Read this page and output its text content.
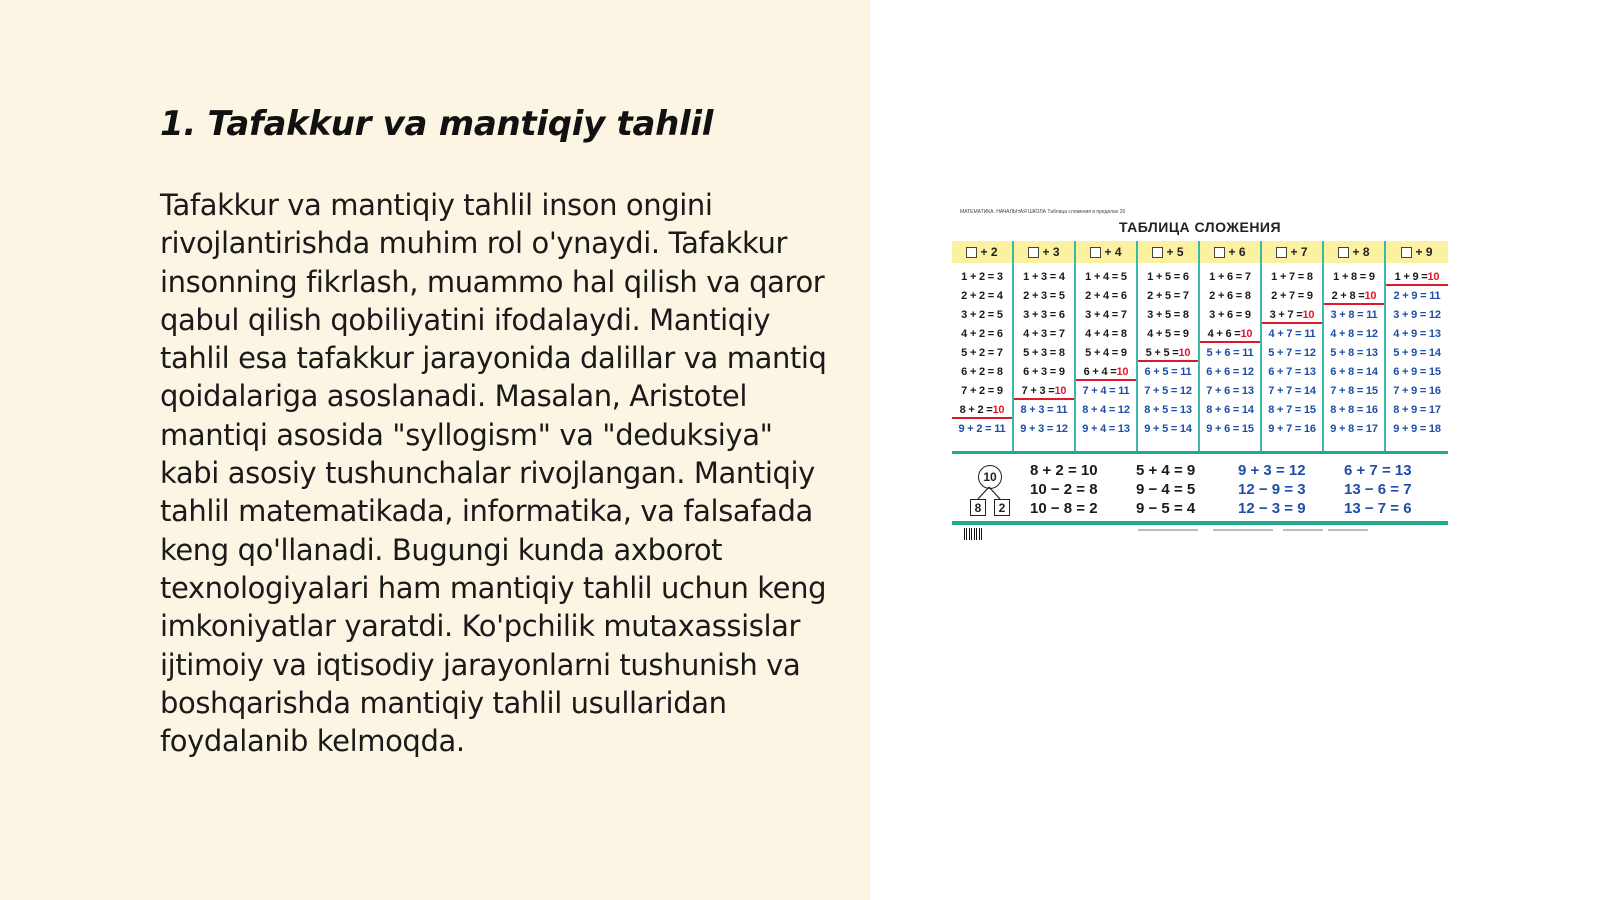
1. Tafakkur va mantiqiy tahlil

Tafakkur va mantiqiy tahlil inson ongini rivojlantirishda muhim rol o'ynaydi. Tafakkur insonning fikrlash, muammo hal qilish va qaror qabul qilish qobiliyatini ifodalaydi. Mantiqiy tahlil esa tafakkur jarayonida dalillar va mantiq qoidalariga asoslanadi. Masalan, Aristotel mantiqi asosida "syllogism" va "deduksiya" kabi asosiy tushunchalar rivojlangan. Mantiqiy tahlil matematikada, informatika, va falsafada keng qo'llanadi. Bugungi kunda axborot texnologiyalari ham mantiqiy tahlil uchun keng imkoniyatlar yaratdi. Ko'pchilik mutaxassislar ijtimoiy va iqtisodiy jarayonlarni tushunish va boshqarishda mantiqiy tahlil usullaridan foydalanib kelmoqda.

МАТЕМАТИКА. НАЧАЛЬНАЯ ШКОЛА Таблица сложения в пределах 20
ТАБЛИЦА СЛОЖЕНИЯ
+ 2
1 + 2 = 3
2 + 2 = 4
3 + 2 = 5
4 + 2 = 6
5 + 2 = 7
6 + 2 = 8
7 + 2 = 9
8 + 2 = 10
9 + 2 = 11
+ 3
1 + 3 = 4
2 + 3 = 5
3 + 3 = 6
4 + 3 = 7
5 + 3 = 8
6 + 3 = 9
7 + 3 = 10
8 + 3 = 11
9 + 3 = 12
+ 4
1 + 4 = 5
2 + 4 = 6
3 + 4 = 7
4 + 4 = 8
5 + 4 = 9
6 + 4 = 10
7 + 4 = 11
8 + 4 = 12
9 + 4 = 13
+ 5
1 + 5 = 6
2 + 5 = 7
3 + 5 = 8
4 + 5 = 9
5 + 5 = 10
6 + 5 = 11
7 + 5 = 12
8 + 5 = 13
9 + 5 = 14
+ 6
1 + 6 = 7
2 + 6 = 8
3 + 6 = 9
4 + 6 = 10
5 + 6 = 11
6 + 6 = 12
7 + 6 = 13
8 + 6 = 14
9 + 6 = 15
+ 7
1 + 7 = 8
2 + 7 = 9
3 + 7 = 10
4 + 7 = 11
5 + 7 = 12
6 + 7 = 13
7 + 7 = 14
8 + 7 = 15
9 + 7 = 16
+ 8
1 + 8 = 9
2 + 8 = 10
3 + 8 = 11
4 + 8 = 12
5 + 8 = 13
6 + 8 = 14
7 + 8 = 15
8 + 8 = 16
9 + 8 = 17
+ 9
1 + 9 = 10
2 + 9 = 11
3 + 9 = 12
4 + 9 = 13
5 + 9 = 14
6 + 9 = 15
7 + 9 = 16
8 + 9 = 17
9 + 9 = 18
10
8	2
8 + 2 = 10
10 − 2 = 8
10 − 8 = 2
5 + 4 = 9
9 − 4 = 5
9 − 5 = 4
9 + 3 = 12
12 − 9 = 3
12 − 3 = 9
6 + 7 = 13
13 − 6 = 7
13 − 7 = 6
